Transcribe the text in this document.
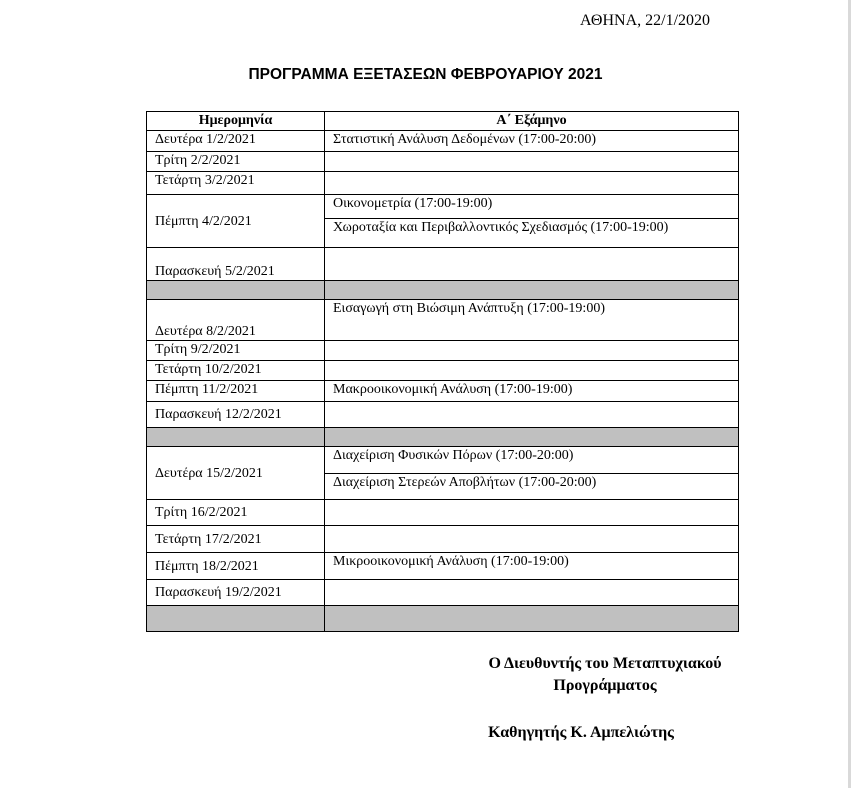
ΑΘΗΝΑ, 22/1/2020
ΠΡΟΓΡΑΜΜΑ ΕΞΕΤΑΣΕΩΝ ΦΕΒΡΟΥΑΡΙΟΥ 2021
Ημερομηνία	Α΄ Εξάμηνο
Δευτέρα 1/2/2021	Στατιστική Ανάλυση Δεδομένων (17:00-20:00)
Τρίτη 2/2/2021	
Τετάρτη 3/2/2021	
Πέμπτη 4/2/2021	Οικονομετρία (17:00-19:00)
	Χωροταξία και Περιβαλλοντικός Σχεδιασμός (17:00-19:00)
Παρασκευή 5/2/2021	

Δευτέρα 8/2/2021	Εισαγωγή στη Βιώσιμη Ανάπτυξη (17:00-19:00)
Τρίτη 9/2/2021	
Τετάρτη 10/2/2021	
Πέμπτη 11/2/2021	Μακροοικονομική Ανάλυση (17:00-19:00)
Παρασκευή 12/2/2021	

Δευτέρα 15/2/2021	Διαχείριση Φυσικών Πόρων (17:00-20:00)
	Διαχείριση Στερεών Αποβλήτων (17:00-20:00)
Τρίτη 16/2/2021	
Τετάρτη 17/2/2021	
Πέμπτη 18/2/2021	Μικροοικονομική Ανάλυση (17:00-19:00)
Παρασκευή 19/2/2021	

Ο Διευθυντής του Μεταπτυχιακού
Προγράμματος
Καθηγητής Κ. Αμπελιώτης
